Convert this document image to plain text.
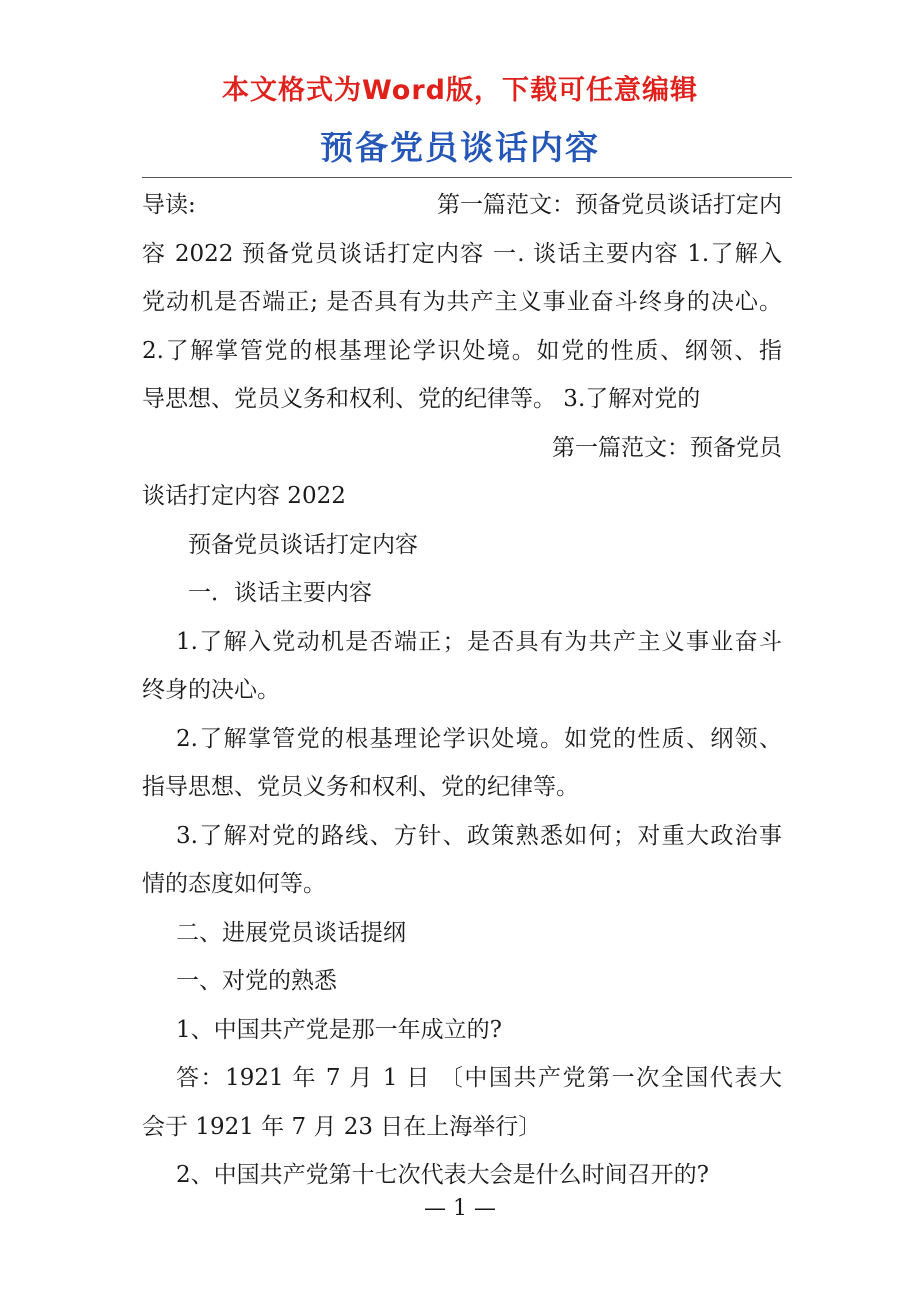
本文格式为Word版，下载可任意编辑
预备党员谈话内容
导读:	第一篇范文：预备党员谈话打定内
容 2022 预备党员谈话打定内容 一. 谈话主要内容 1.了解入
党动机是否端正; 是否具有为共产主义事业奋斗终身的决心。
2.了解掌管党的根基理论学识处境。如党的性质、纲领、指
导思想、党员义务和权利、党的纪律等。 3.了解对党的
第一篇范文：预备党员
谈话打定内容 2022
预备党员谈话打定内容
一．谈话主要内容
1.了解入党动机是否端正；是否具有为共产主义事业奋斗
终身的决心。
2.了解掌管党的根基理论学识处境。如党的性质、纲领、
指导思想、党员义务和权利、党的纪律等。
3.了解对党的路线、方针、政策熟悉如何；对重大政治事
情的态度如何等。
二、进展党员谈话提纲
一、对党的熟悉
1、中国共产党是那一年成立的?
答：1921 年 7 月 1 日 〔中国共产党第一次全国代表大
会于 1921 年 7 月 23 日在上海举行〕
2、中国共产党第十七次代表大会是什么时间召开的?
— 1 —
